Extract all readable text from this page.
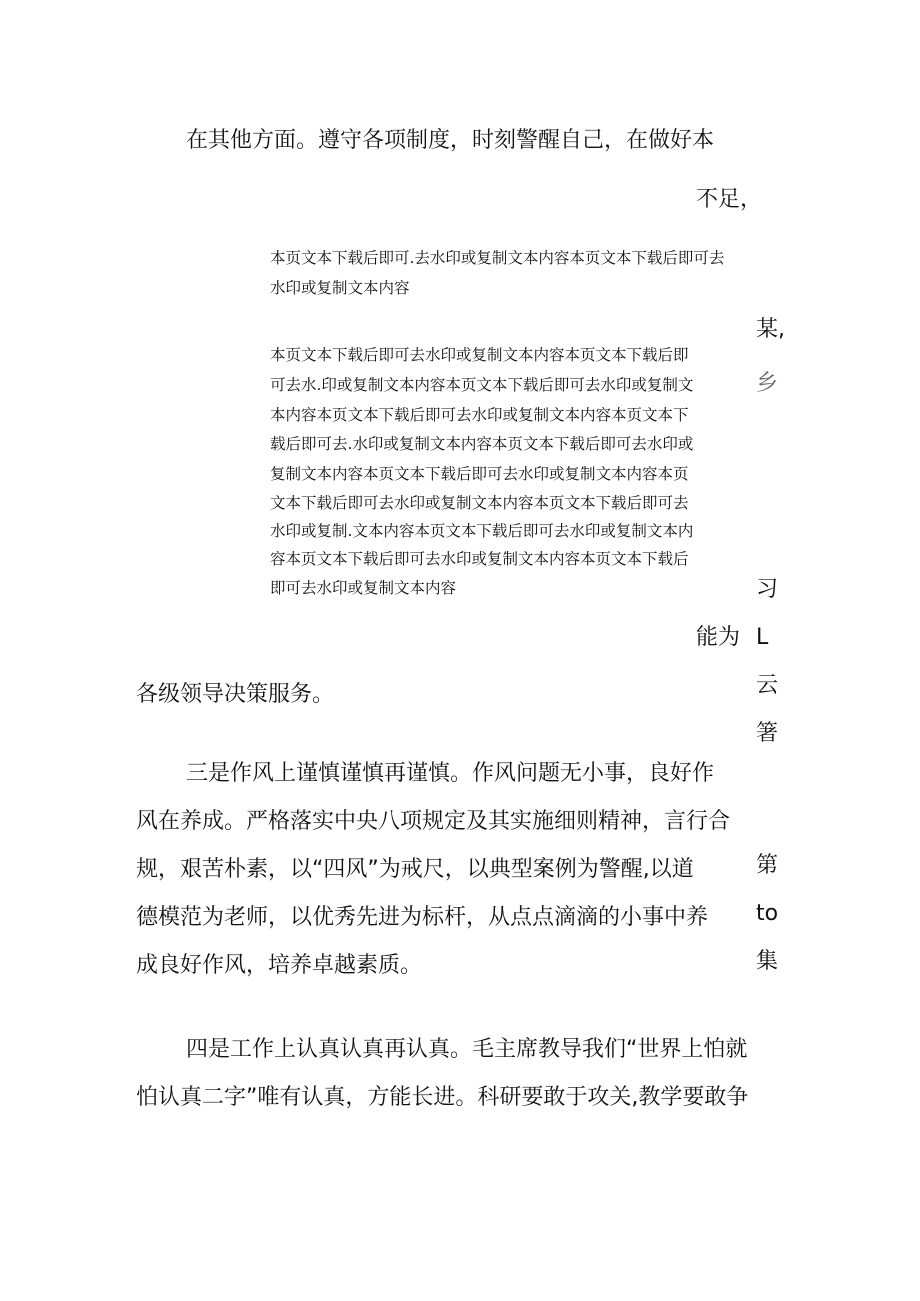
在其他方面。遵守各项制度，时刻警醒自己，在做好本
不足，
本页文本下载后即可.去水印或复制文本内容本页文本下载后即可去
水印或复制文本内容
本页文本下载后即可去水印或复制文本内容本页文本下载后即
可去水.印或复制文本内容本页文本下载后即可去水印或复制文
本内容本页文本下载后即可去水印或复制文本内容本页文本下
载后即可去.水印或复制文本内容本页文本下载后即可去水印或
复制文本内容本页文本下载后即可去水印或复制文本内容本页
文本下载后即可去水印或复制文本内容本页文本下载后即可去
水印或复制.文本内容本页文本下载后即可去水印或复制文本内
容本页文本下载后即可去水印或复制文本内容本页文本下载后
即可去水印或复制文本内容
能为
各级领导决策服务。
三是作风上谨慎谨慎再谨慎。作风问题无小事，良好作
风在养成。严格落实中央八项规定及其实施细则精神，言行合
规，艰苦朴素，以“四风”为戒尺，以典型案例为警醒,以道
德模范为老师，以优秀先进为标杆，从点点滴滴的小事中养
成良好作风，培养卓越素质。
四是工作上认真认真再认真。毛主席教导我们“世界上怕就
怕认真二字”唯有认真，方能长进。科研要敢于攻关,教学要敢争
某,
乡
习
L
云
箸
第
to
集
